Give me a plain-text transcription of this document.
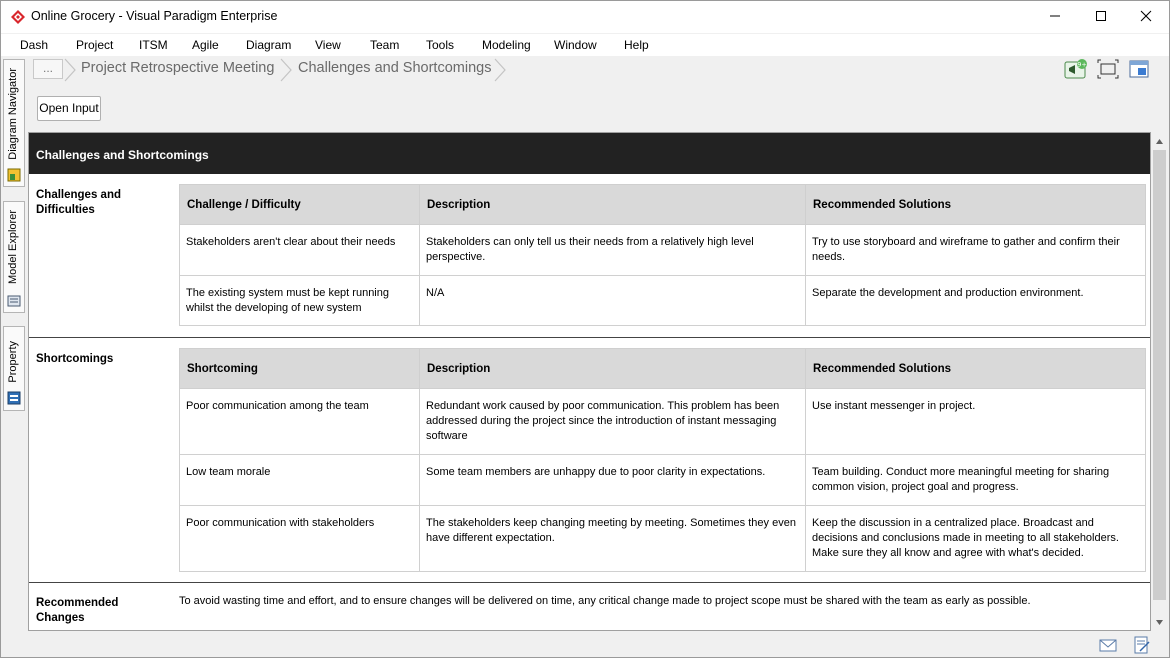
Online Grocery - Visual Paradigm Enterprise
Dash Project ITSM Agile Diagram View Team Tools Modeling Window Help
Diagram Navigator
Model Explorer
Property
...	Project Retrospective Meeting Challenges and Shortcomings	9+
Open Input
Challenges and Shortcomings
Challenges and Difficulties	Challenge / Difficulty	Description	Recommended Solutions
Stakeholders aren't clear about their needs	Stakeholders can only tell us their needs from a relatively high level perspective.	Try to use storyboard and wireframe to gather and confirm their needs.
The existing system must be kept running whilst the developing of new system	N/A	Separate the development and production environment.
Shortcomings
Shortcoming	Description	Recommended Solutions
Poor communication among the team	Redundant work caused by poor communication. This problem has been addressed during the project since the introduction of instant messaging software	Use instant messenger in project.
Low team morale	Some team members are unhappy due to poor clarity in expectations.	Team building. Conduct more meaningful meeting for sharing common vision, project goal and progress.
Poor communication with stakeholders	The stakeholders keep changing meeting by meeting. Sometimes they even have different expectation.	Keep the discussion in a centralized place. Broadcast and decisions and conclusions made in meeting to all stakeholders. Make sure they all know and agree with what's decided.
Recommended Changes
To avoid wasting time and effort, and to ensure changes will be delivered on time, any critical change made to project scope must be shared with the team as early as possible.
